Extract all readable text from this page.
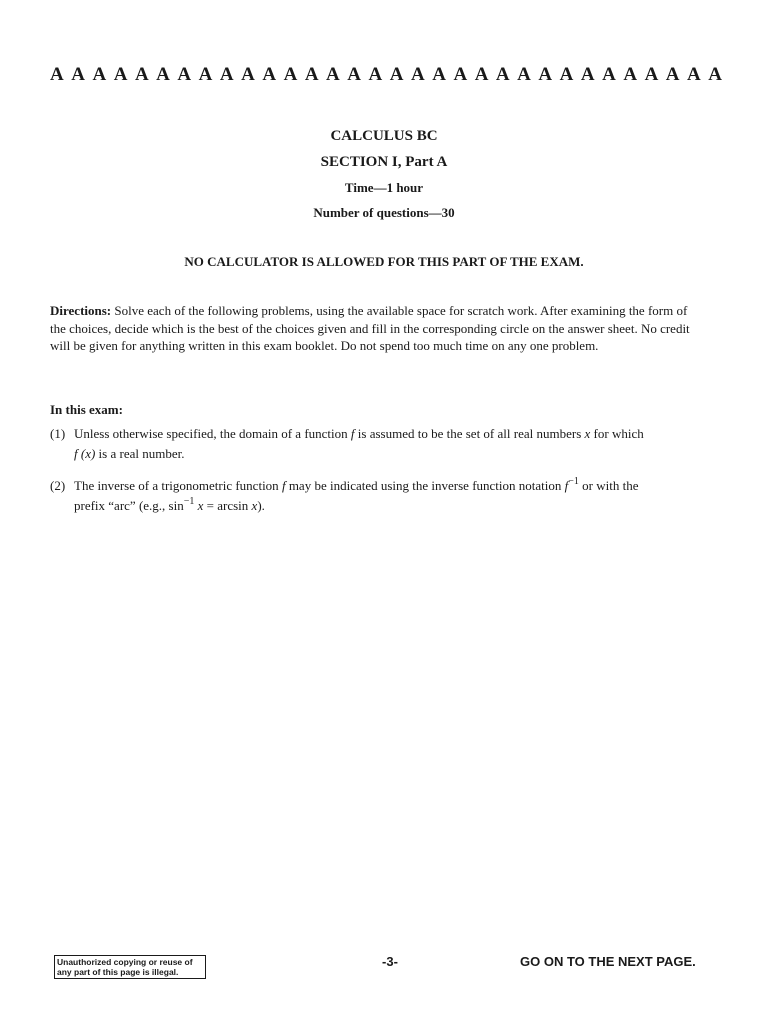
A A A A A A A A A A A A A A A A A A A A A A A A A A A A A A A A
CALCULUS BC
SECTION I, Part A
Time—1 hour
Number of questions—30
NO CALCULATOR IS ALLOWED FOR THIS PART OF THE EXAM.
Directions: Solve each of the following problems, using the available space for scratch work. After examining the form of the choices, decide which is the best of the choices given and fill in the corresponding circle on the answer sheet. No credit will be given for anything written in this exam booklet. Do not spend too much time on any one problem.
In this exam:
(1) Unless otherwise specified, the domain of a function f is assumed to be the set of all real numbers x for which
f (x) is a real number.
(2) The inverse of a trigonometric function f may be indicated using the inverse function notation $f^{-1}$ or with the
prefix “arc” (e.g., $\sin^{-1} x = \arcsin x$).
Unauthorized copying or reuse of any part of this page is illegal.
-3-	GO ON TO THE NEXT PAGE.
